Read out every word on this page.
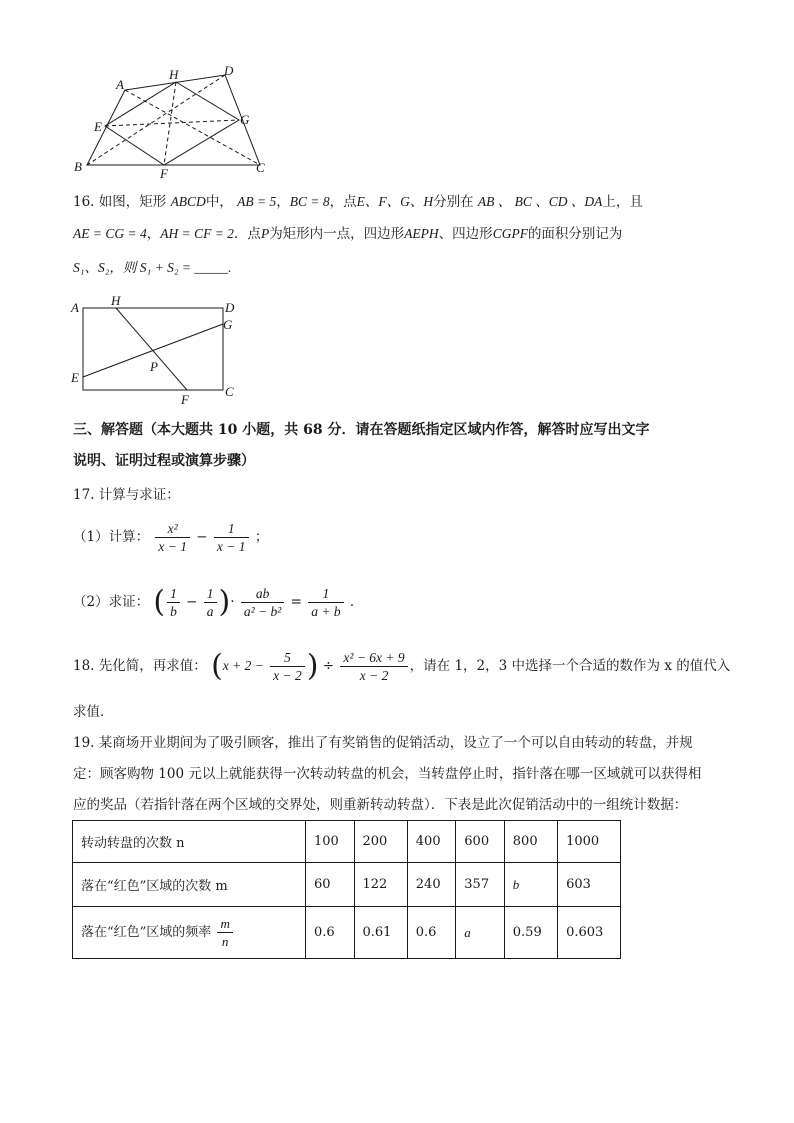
A
H	D
E	G
B	F	C
16. 如图，矩形 ABCD中， AB = 5，BC = 8，点E、F、G、H分别在 AB 、 BC 、CD 、DA上，且
AE = CG = 4，AH = CF = 2．点P为矩形内一点，四边形AEPH、四边形CGPF的面积分别记为
S₁、S₂，则 S₁ + S₂ = _____.
A H	D
G
P
E
F
C
三、解答题（本大题共 10 小题，共 68 分．请在答题纸指定区域内作答，解答时应写出文字
说明、证明过程或演算步骤）
17. 计算与求证：
（1）计算： $\frac{\text{x²}}{x - 1} - \frac{1}{x - 1}$ ；
（2）求证： ( $\frac{1}{b} - \frac{1}{a}$ )· $\frac{ab}{\text{a² − b²}} = \frac{1}{a + b}$ ．
18. 先化简，再求值： ($x + 2 - \frac{5}{x - 2}$ ) ÷ $\frac{\text{x² − 6x + 9}}{x - 2}$ ，请在 1，2，3 中选择一个合适的数作为 x 的值代入
求值．
19. 某商场开业期间为了吸引顾客，推出了有奖销售的促销活动，设立了一个可以自由转动的转盘，并规
定：顾客购物 100 元以上就能获得一次转动转盘的机会，当转盘停止时，指针落在哪一区域就可以获得相
应的奖品（若指针落在两个区域的交界处，则重新转动转盘）．下表是此次促销活动中的一组统计数据：
转动转盘的次数 n	100	200	400	600	800	1000
落在“红色”区域的次数 m	60	122	240	357	b	603
落在“红色”区域的频率 $\frac{m}{n}$	0.6	0.61	0.6	a	0.59	0.603
